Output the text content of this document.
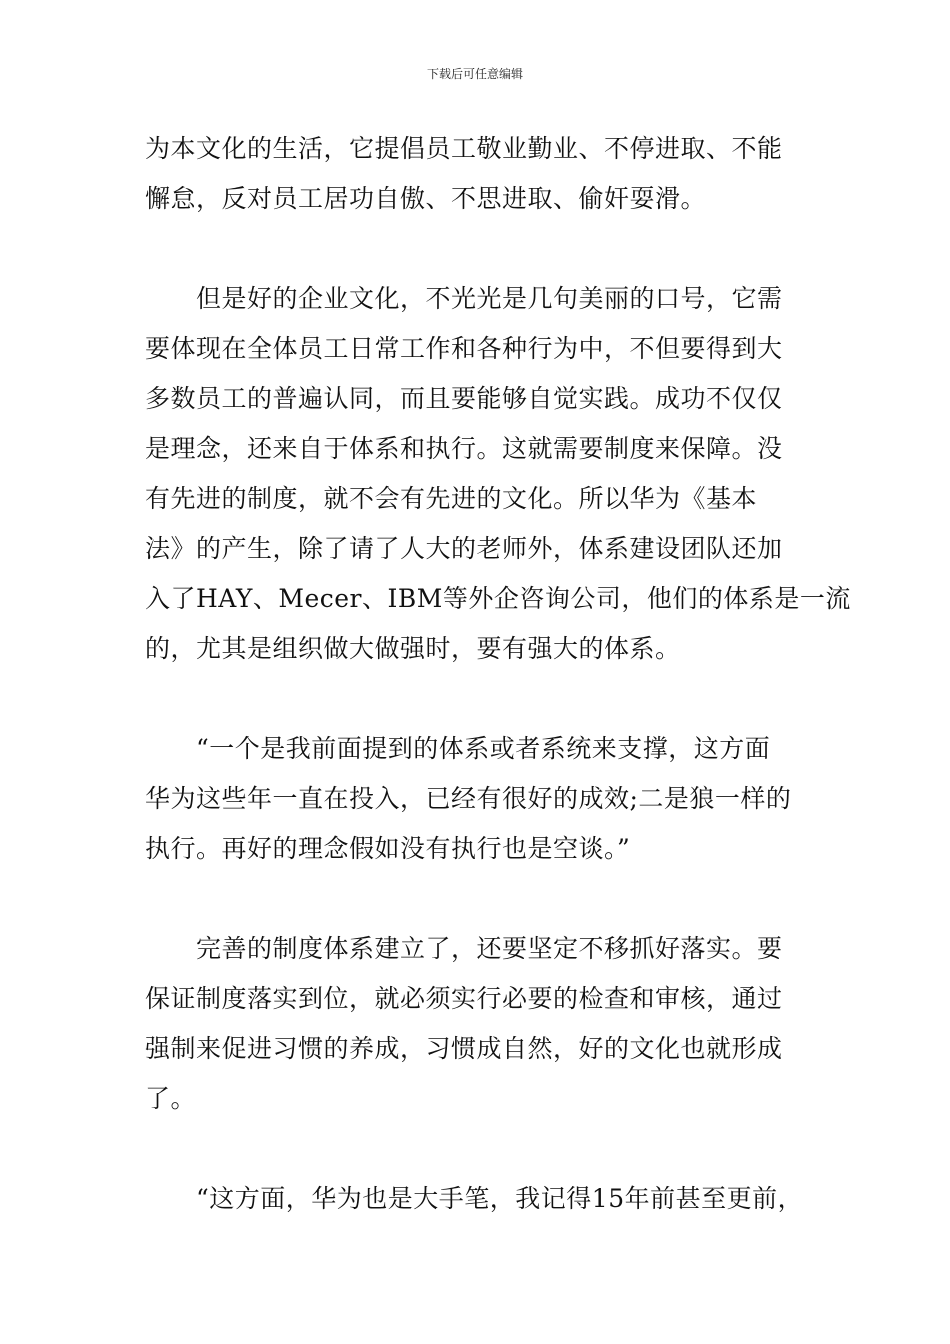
下载后可任意编辑
为本文化的生活，它提倡员工敬业勤业、不停进取、不能
懈怠，反对员工居功自傲、不思进取、偷奸耍滑。
　　但是好的企业文化，不光光是几句美丽的口号，它需
要体现在全体员工日常工作和各种行为中，不但要得到大
多数员工的普遍认同，而且要能够自觉实践。成功不仅仅
是理念，还来自于体系和执行。这就需要制度来保障。没
有先进的制度，就不会有先进的文化。所以华为《基本
法》的产生，除了请了人大的老师外，体系建设团队还加
入了HAY、Mecer、IBM等外企咨询公司，他们的体系是一流
的，尤其是组织做大做强时，要有强大的体系。
　　“一个是我前面提到的体系或者系统来支撑，这方面
华为这些年一直在投入，已经有很好的成效;二是狼一样的
执行。再好的理念假如没有执行也是空谈。”
　　完善的制度体系建立了，还要坚定不移抓好落实。要
保证制度落实到位，就必须实行必要的检查和审核，通过
强制来促进习惯的养成，习惯成自然，好的文化也就形成
了。
　　“这方面，华为也是大手笔，我记得15年前甚至更前，
